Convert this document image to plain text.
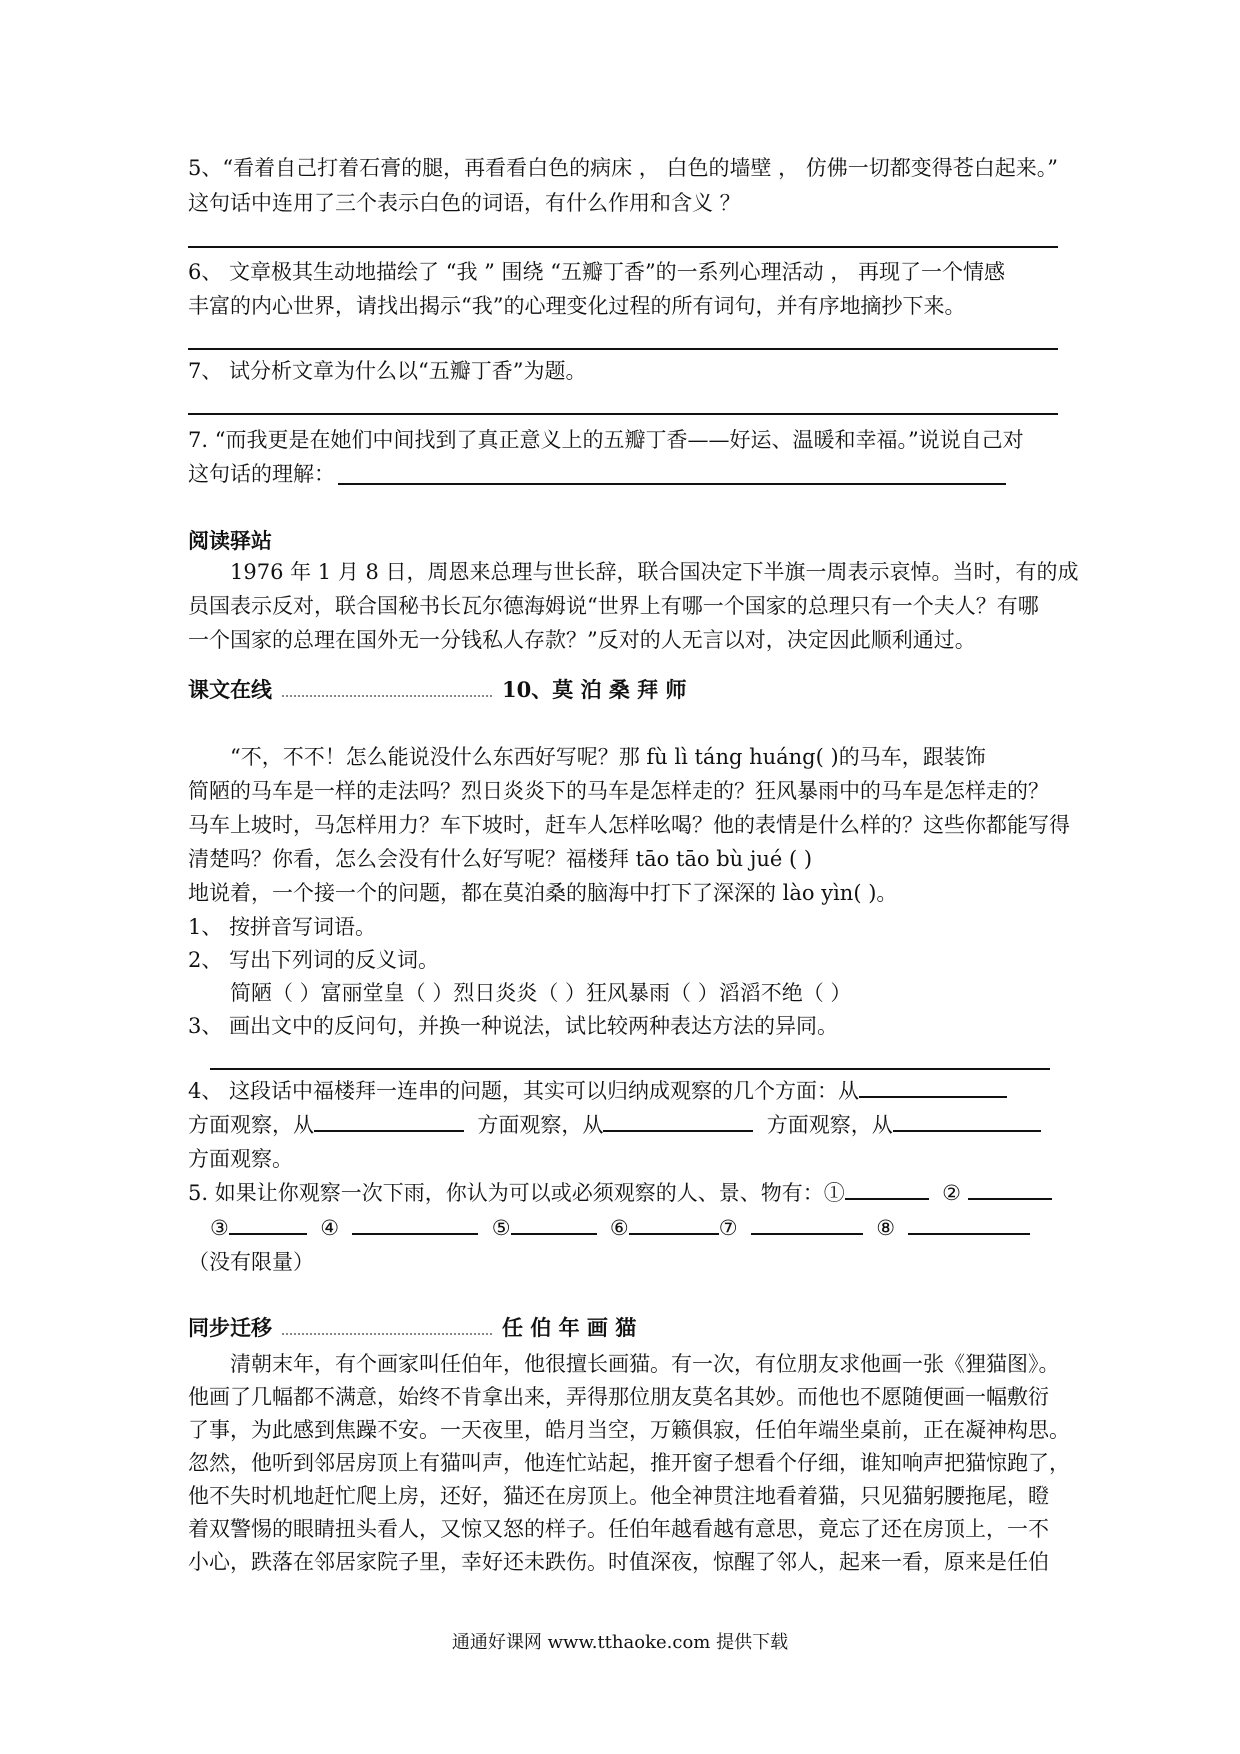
5、“看着自己打着石膏的腿，再看看白色的病床 ， 白色的墙壁 ， 仿佛一切都变得苍白起来。”
这句话中连用了三个表示白色的词语，有什么作用和含义 ？
6、 文章极其生动地描绘了 “我 ” 围绕 “五瓣丁香”的一系列心理活动 ， 再现了一个情感
丰富的内心世界，请找出揭示“我”的心理变化过程的所有词句，并有序地摘抄下来。
7、 试分析文章为什么以“五瓣丁香”为题。
7. “而我更是在她们中间找到了真正意义上的五瓣丁香——好运、温暖和幸福。”说说自己对
这句话的理解：
阅读驿站
1976 年 1 月 8 日，周恩来总理与世长辞，联合国决定下半旗一周表示哀悼。当时，有的成
员国表示反对，联合国秘书长瓦尔德海姆说“世界上有哪一个国家的总理只有一个夫人？有哪
一个国家的总理在国外无一分钱私人存款？”反对的人无言以对，决定因此顺利通过。
课文在线	10、莫 泊 桑 拜 师
“不，不不！怎么能说没什么东西好写呢？那 fù lì táng huáng( )的马车，跟装饰
简陋的马车是一样的走法吗？烈日炎炎下的马车是怎样走的？狂风暴雨中的马车是怎样走的？
马车上坡时，马怎样用力？车下坡时，赶车人怎样吆喝？他的表情是什么样的？这些你都能写得
清楚吗？你看，怎么会没有什么好写呢？福楼拜 tāo tāo bù jué ( )
地说着，一个接一个的问题，都在莫泊桑的脑海中打下了深深的 lào yìn( )。
1、 按拼音写词语。
2、 写出下列词的反义词。
简陋（ ）富丽堂皇（ ）烈日炎炎（ ）狂风暴雨（ ）滔滔不绝（ ）
3、 画出文中的反问句，并换一种说法，试比较两种表达方法的异同。
4、 这段话中福楼拜一连串的问题，其实可以归纳成观察的几个方面：从
方面观察，从	方面观察，从	方面观察，从
方面观察。
5. 如果让你观察一次下雨，你认为可以或必须观察的人、景、物有：①	②
③	④	⑤	⑥	⑦	⑧
（没有限量）
同步迁移	任 伯 年 画 猫
清朝末年，有个画家叫任伯年，他很擅长画猫。有一次，有位朋友求他画一张《狸猫图》。
他画了几幅都不满意，始终不肯拿出来，弄得那位朋友莫名其妙。而他也不愿随便画一幅敷衍
了事，为此感到焦躁不安。一天夜里，皓月当空，万籁俱寂，任伯年端坐桌前，正在凝神构思。
忽然，他听到邻居房顶上有猫叫声，他连忙站起，推开窗子想看个仔细，谁知响声把猫惊跑了，
他不失时机地赶忙爬上房，还好，猫还在房顶上。他全神贯注地看着猫，只见猫躬腰拖尾，瞪
着双警惕的眼睛扭头看人，又惊又怒的样子。任伯年越看越有意思，竟忘了还在房顶上，一不
小心，跌落在邻居家院子里，幸好还未跌伤。时值深夜，惊醒了邻人，起来一看，原来是任伯
通通好课网 www.tthaoke.com 提供下载
